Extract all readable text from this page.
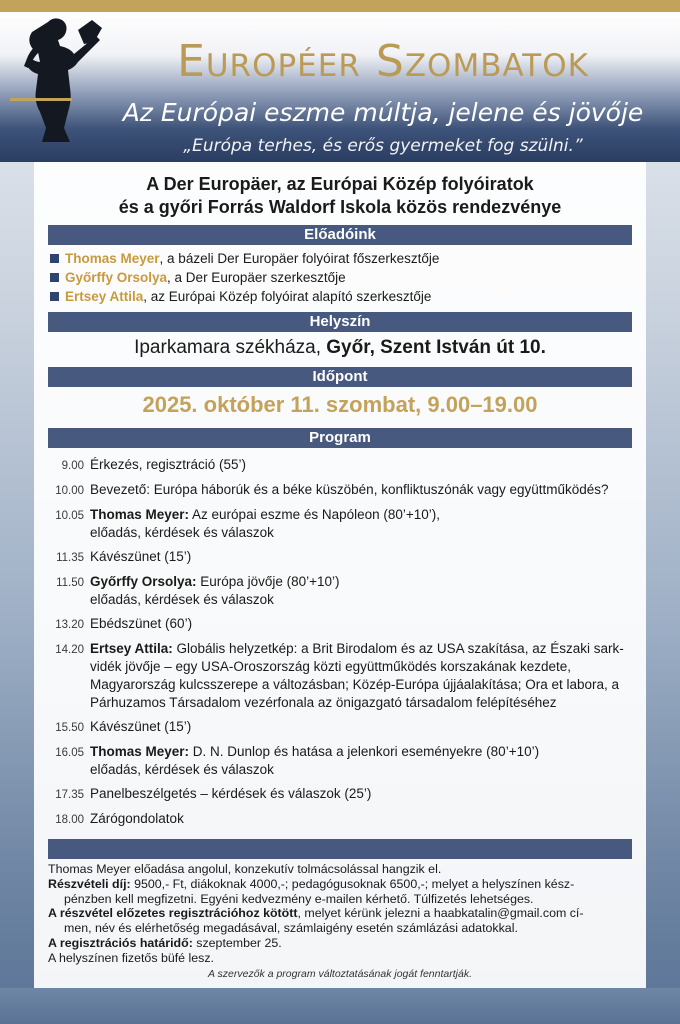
Européer Szombatok
Az Európai eszme múltja, jelene és jövője
„Európa terhes, és erős gyermeket fog szülni.”
A Der Europäer, az Európai Közép folyóiratok
és a győri Forrás Waldorf Iskola közös rendezvénye
Előadóink
Thomas Meyer, a bázeli Der Europäer folyóirat főszerkesztője
Győrffy Orsolya, a Der Europäer szerkesztője
Ertsey Attila, az Európai Közép folyóirat alapító szerkesztője
Helyszín
Iparkamara székháza, Győr, Szent István út 10.
Időpont
2025. október 11. szombat, 9.00–19.00
Program
9.00 Érkezés, regisztráció (55’)
10.00 Bevezető: Európa háborúk és a béke küszöbén, konfliktuszónák vagy együttműködés?
10.05 Thomas Meyer: Az európai eszme és Napóleon (80’+10’),
előadás, kérdések és válaszok
11.35 Kávészünet (15’)
11.50 Győrffy Orsolya: Európa jövője (80’+10’)
előadás, kérdések és válaszok
13.20 Ebédszünet (60’)
14.20 Ertsey Attila: Globális helyzetkép: a Brit Birodalom és az USA szakítása, az Északi sark-vidék jövője – egy USA-Oroszország közti együttműködés korszakának kezdete, Magyarország kulcsszerepe a változásban; Közép-Európa újjáalakítása; Ora et labora, a Párhuzamos Társadalom vezérfonala az önigazgató társadalom felépítéséhez
15.50 Kávészünet (15’)
16.05 Thomas Meyer: D. N. Dunlop és hatása a jelenkori eseményekre (80’+10’)
előadás, kérdések és válaszok
17.35 Panelbeszélgetés – kérdések és válaszok (25’)
18.00 Zárógondolatok
Thomas Meyer előadása angolul, konzekutív tolmácsolással hangzik el.
Részvételi díj: 9500,- Ft, diákoknak 4000,-; pedagógusoknak 6500,-; melyet a helyszínen kész-
pénzben kell megfizetni. Egyéni kedvezmény e-mailen kérhető. Túlfizetés lehetséges.
A részvétel előzetes regisztrációhoz kötött, melyet kérünk jelezni a haabkatalin@gmail.com cí-
men, név és elérhetőség megadásával, számlaigény esetén számlázási adatokkal.
A regisztrációs határidő: szeptember 25.
A helyszínen fizetős büfé lesz.
A szervezők a program változtatásának jogát fenntartják.
